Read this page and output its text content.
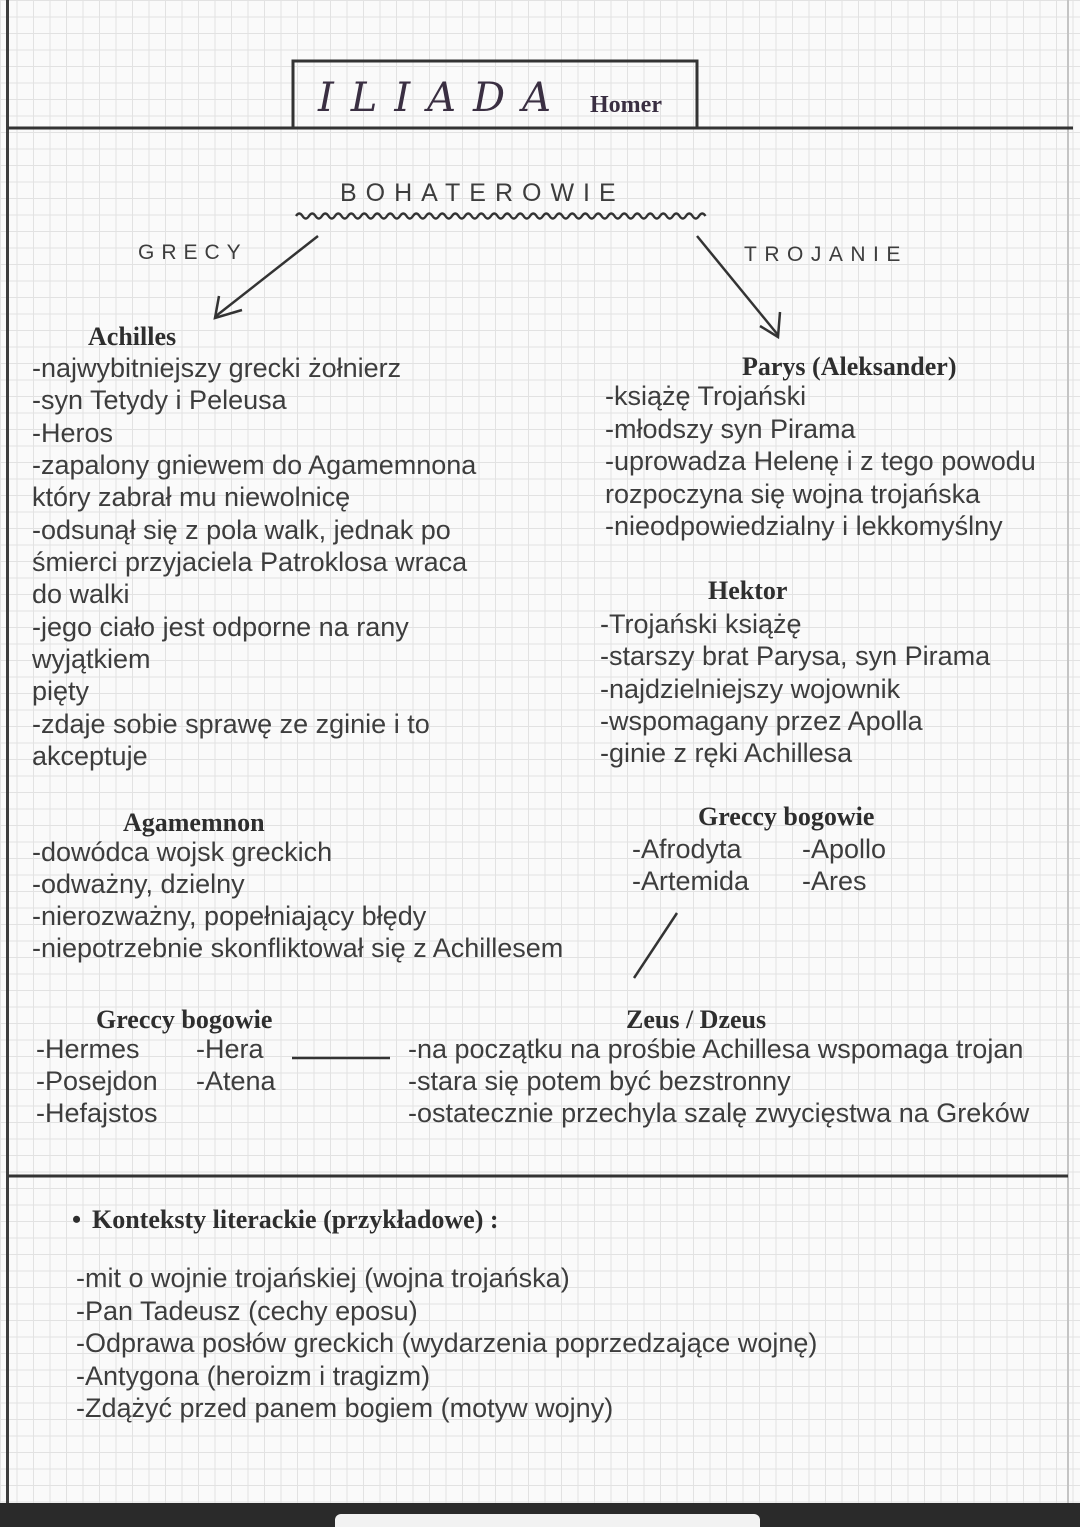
ILIADA Homer
BOHATEROWIE
GRECY	TROJANIE
Achilles
-najwybitniejszy grecki żołnierz
-syn Tetydy i Peleusa
-Heros
-zapalony gniewem do Agamemnona
który zabrał mu niewolnicę
-odsunął się z pola walk, jednak po
śmierci przyjaciela Patroklosa wraca
do walki
-jego ciało jest odporne na rany
wyjątkiem
pięty
-zdaje sobie sprawę ze zginie i to
akceptuje
Agamemnon
-dowódca wojsk greckich
-odważny, dzielny
-nierozważny, popełniający błędy
-niepotrzebnie skonfliktował się z Achillesem
Parys (Aleksander)
-książę Trojański
-młodszy syn Pirama
-uprowadza Helenę i z tego powodu
rozpoczyna się wojna trojańska
-nieodpowiedzialny i lekkomyślny
Hektor
-Trojański książę
-starszy brat Parysa, syn Pirama
-najdzielniejszy wojownik
-wspomagany przez Apolla
-ginie z ręki Achillesa
Greccy bogowie
-Afrodyta
-Artemida
-Apollo
-Ares
Greccy bogowie
-Hermes
-Posejdon
-Hefajstos
-Hera
-Atena
Zeus / Dzeus
-na początku na prośbie Achillesa wspomaga trojan
-stara się potem być bezstronny
-ostatecznie przechyla szalę zwycięstwa na Greków
• Konteksty literackie (przykładowe) :
-mit o wojnie trojańskiej (wojna trojańska)
-Pan Tadeusz (cechy eposu)
-Odprawa posłów greckich (wydarzenia poprzedzające wojnę)
-Antygona (heroizm i tragizm)
-Zdążyć przed panem bogiem (motyw wojny)
